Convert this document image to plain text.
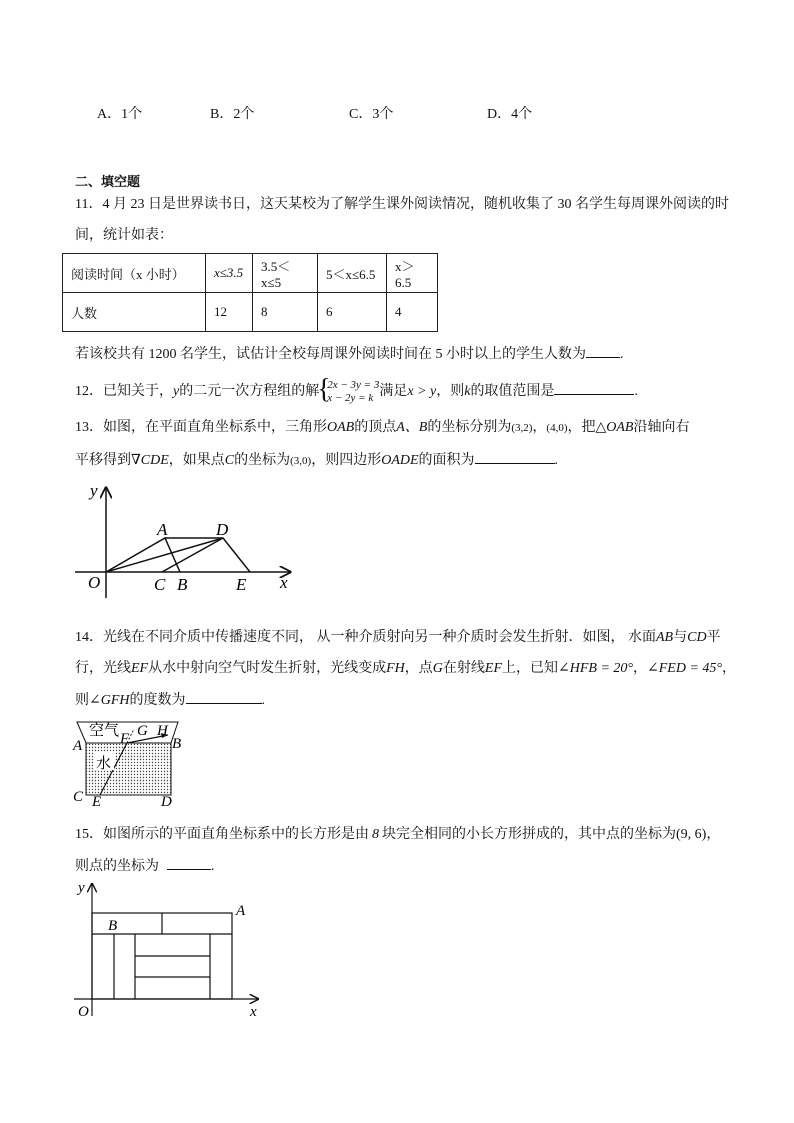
A．1个	B．2个	C．3个	D．4个
二、填空题
11．4 月 23 日是世界读书日，这天某校为了解学生课外阅读情况，随机收集了 30 名学生每周课外阅读的时
间，统计如表：
阅读时间（x 小时）	x≤3.5	3.5＜x≤5	5＜x≤6.5	x＞6.5
人数	12	8	6	4
若该校共有 1200 名学生，试估计全校每周课外阅读时间在 5 小时以上的学生人数为 .
12．已知关于，y的二元一次方程组的解 { 2x − 3y = 3
x − 2y = k 满足x > y，则k的取值范围是	.
13．如图，在平面直角坐标系中，三角形OAB的顶点A、B的坐标分别为(3,2)，(4,0)，把△OAB沿轴向右
平移得到∇CDE，如果点C的坐标为(3,0)，则四边形OADE的面积为	.
y
x
O
A	D
C B	E
14．光线在不同介质中传播速度不同， 从一种介质射向另一种介质时会发生折射．如图， 水面AB与CD平
行，光线EF从水中射向空气时发生折射，光线变成FH，点G在射线EF上，已知∠HFB = 20°，∠FED = 45°，
则∠GFH的度数为	.
空气
水
A	B
C	D
E
F G H
15．如图所示的平面直角坐标系中的长方形是由 8 块完全相同的小长方形拼成的，其中点的坐标为(9, 6)，
则点的坐标为	.
y
x
O
A
B
